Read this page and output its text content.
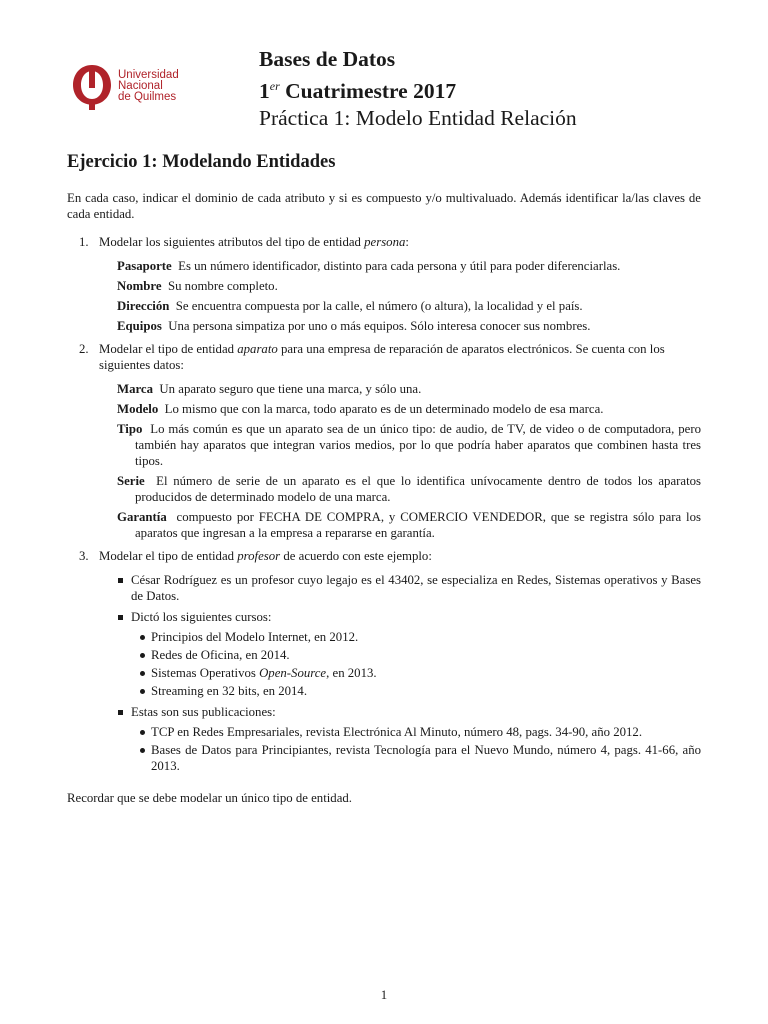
Universidad
Nacional
de Quilmes
Bases de Datos
1er Cuatrimestre 2017
Práctica 1: Modelo Entidad Relación
Ejercicio 1: Modelando Entidades

En cada caso, indicar el dominio de cada atributo y si es compuesto y/o multivaluado. Además identificar la/las claves de cada entidad.

1. Modelar los siguientes atributos del tipo de entidad persona:
Pasaporte Es un número identificador, distinto para cada persona y útil para poder diferenciarlas.
Nombre Su nombre completo.
Dirección Se encuentra compuesta por la calle, el número (o altura), la localidad y el país.
Equipos Una persona simpatiza por uno o más equipos. Sólo interesa conocer sus nombres.
2. Modelar el tipo de entidad aparato para una empresa de reparación de aparatos electrónicos. Se cuenta con los siguientes datos:
Marca Un aparato seguro que tiene una marca, y sólo una.
Modelo Lo mismo que con la marca, todo aparato es de un determinado modelo de esa marca.
Tipo Lo más común es que un aparato sea de un único tipo: de audio, de TV, de video o de computadora, pero también hay aparatos que integran varios medios, por lo que podría haber aparatos que combinen hasta tres tipos.
Serie El número de serie de un aparato es el que lo identifica unívocamente dentro de todos los aparatos producidos de determinado modelo de una marca.
Garantía compuesto por FECHA DE COMPRA, y COMERCIO VENDEDOR, que se registra sólo para los aparatos que ingresan a la empresa a repararse en garantía.
3. Modelar el tipo de entidad profesor de acuerdo con este ejemplo:
César Rodríguez es un profesor cuyo legajo es el 43402, se especializa en Redes, Sistemas operativos y Bases de Datos.
Dictó los siguientes cursos:
Principios del Modelo Internet, en 2012.
Redes de Oficina, en 2014.
Sistemas Operativos Open-Source, en 2013.
Streaming en 32 bits, en 2014.
Estas son sus publicaciones:
TCP en Redes Empresariales, revista Electrónica Al Minuto, número 48, pags. 34-90, año 2012.
Bases de Datos para Principiantes, revista Tecnología para el Nuevo Mundo, número 4, pags. 41-66, año 2013.

Recordar que se debe modelar un único tipo de entidad.

1
